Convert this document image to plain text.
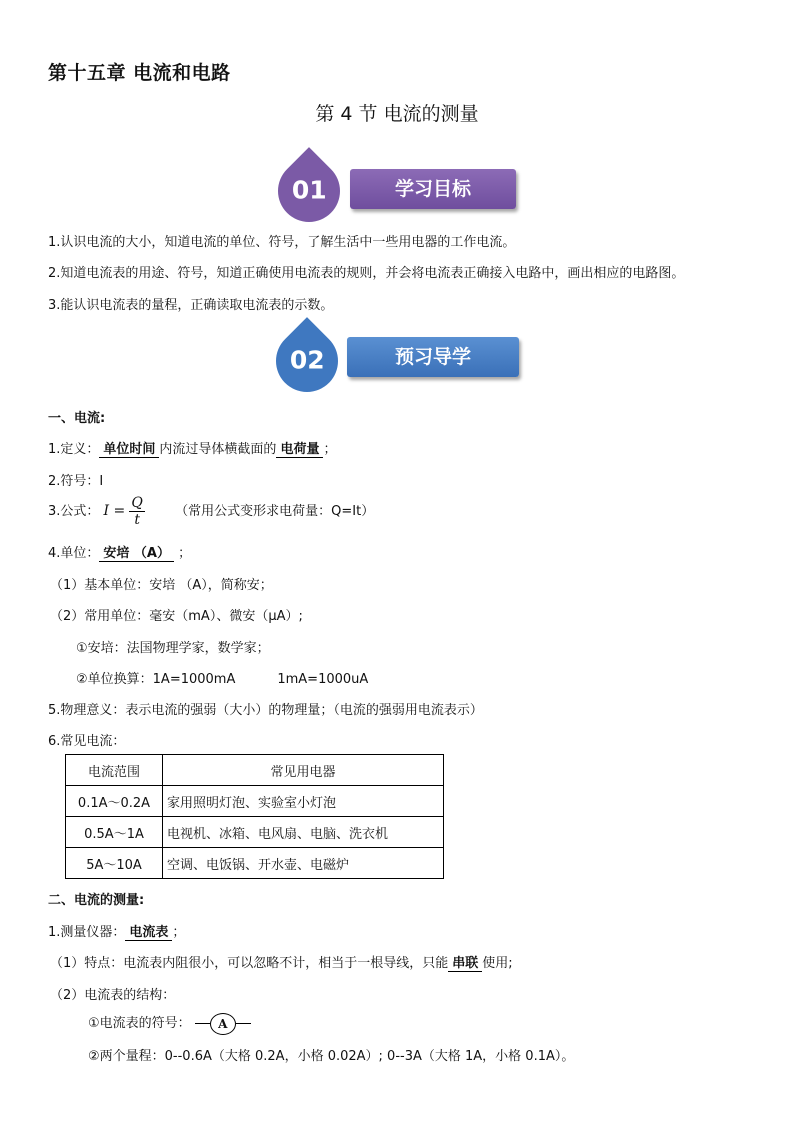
第十五章 电流和电路
第 4 节 电流的测量
01	学习目标
1.认识电流的大小，知道电流的单位、符号，了解生活中一些用电器的工作电流。
2.知道电流表的用途、符号，知道正确使用电流表的规则，并会将电流表正确接入电路中，画出相应的电路图。
3.能认识电流表的量程，正确读取电流表的示数。
02	预习导学
一、电流:
1.定义： 单位时间 内流过导体横截面的 电荷量 ；
2.符号：I
3.公式： $I = \frac{Q}{t}$ （常用公式变形求电荷量：Q=It）
4.单位： 安培 （A） ；
（1）基本单位：安培 （A），简称安；
（2）常用单位：毫安（mA）、微安（μA）;
①安培：法国物理学家，数学家；
②单位换算：1A=1000mA	1mA=1000uA
5.物理意义：表示电流的强弱（大小）的物理量；（电流的强弱用电流表示）
6.常见电流：
电流范围	常见用电器
0.1A～0.2A	家用照明灯泡、实验室小灯泡
0.5A～1A	电视机、冰箱、电风扇、电脑、洗衣机
5A～10A	空调、电饭锅、开水壶、电磁炉
二、电流的测量:
1.测量仪器： 电流表 ；
（1）特点：电流表内阻很小，可以忽略不计，相当于一根导线，只能 串联 使用;
（2）电流表的结构：
①电流表的符号：	A
②两个量程：0--0.6A（大格 0.2A，小格 0.02A）; 0--3A（大格 1A，小格 0.1A）。
